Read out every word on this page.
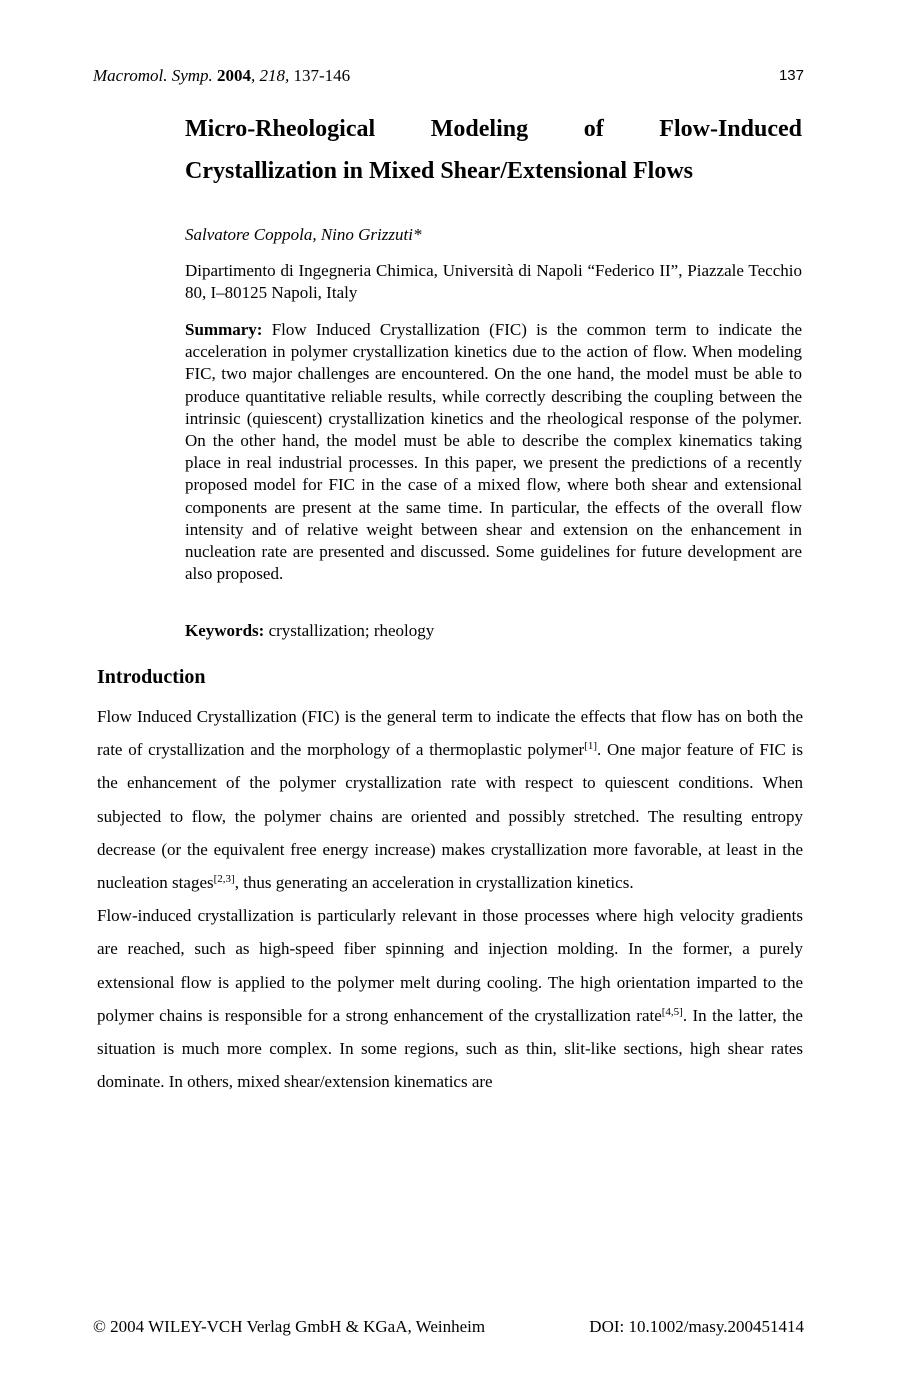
Macromol. Symp. 2004, 218, 137-146	137
Micro-Rheological Modeling of Flow-Induced
Crystallization in Mixed Shear/Extensional Flows
Salvatore Coppola, Nino Grizzuti*
Dipartimento di Ingegneria Chimica, Università di Napoli “Federico II”, Piazzale Tecchio 80, I–80125 Napoli, Italy
Summary: Flow Induced Crystallization (FIC) is the common term to indicate the acceleration in polymer crystallization kinetics due to the action of flow. When modeling FIC, two major challenges are encountered. On the one hand, the model must be able to produce quantitative reliable results, while correctly describing the coupling between the intrinsic (quiescent) crystallization kinetics and the rheological response of the polymer. On the other hand, the model must be able to describe the complex kinematics taking place in real industrial processes. In this paper, we present the predictions of a recently proposed model for FIC in the case of a mixed flow, where both shear and extensional components are present at the same time. In particular, the effects of the overall flow intensity and of relative weight between shear and extension on the enhancement in nucleation rate are presented and discussed. Some guidelines for future development are also proposed.
Keywords: crystallization; rheology
Introduction

Flow Induced Crystallization (FIC) is the general term to indicate the effects that flow has on both the rate of crystallization and the morphology of a thermoplastic polymer[1]. One major feature of FIC is the enhancement of the polymer crystallization rate with respect to quiescent conditions. When subjected to flow, the polymer chains are oriented and possibly stretched. The resulting entropy decrease (or the equivalent free energy increase) makes crystallization more favorable, at least in the nucleation stages[2,3], thus generating an acceleration in crystallization kinetics.

Flow-induced crystallization is particularly relevant in those processes where high velocity gradients are reached, such as high-speed fiber spinning and injection molding. In the former, a purely extensional flow is applied to the polymer melt during cooling. The high orientation imparted to the polymer chains is responsible for a strong enhancement of the crystallization rate[4,5]. In the latter, the situation is much more complex. In some regions, such as thin, slit-like sections, high shear rates dominate. In others, mixed shear/extension kinematics are

© 2004 WILEY-VCH Verlag GmbH & KGaA, Weinheim	DOI: 10.1002/masy.200451414
